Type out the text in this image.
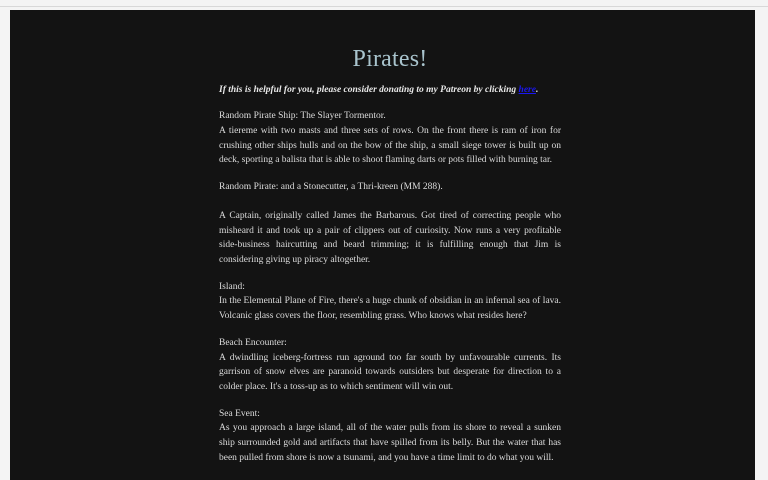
Pirates!

If this is helpful for you, please consider donating to my Patreon by clicking here.

Random Pirate Ship: The Slayer Tormentor.

A tiereme with two masts and three sets of rows. On the front there is ram of iron for crushing other ships hulls and on the bow of the ship, a small siege tower is built up on deck, sporting a balista that is able to shoot flaming darts or pots filled with burning tar.

Random Pirate: and a Stonecutter, a Thri-kreen (MM 288).

A Captain, originally called James the Barbarous. Got tired of correcting people who misheard it and took up a pair of clippers out of curiosity. Now runs a very profitable side-business haircutting and beard trimming; it is fulfilling enough that Jim is considering giving up piracy altogether.

Island:

In the Elemental Plane of Fire, there's a huge chunk of obsidian in an infernal sea of lava. Volcanic glass covers the floor, resembling grass. Who knows what resides here?

Beach Encounter:

A dwindling iceberg-fortress run aground too far south by unfavourable currents. Its garrison of snow elves are paranoid towards outsiders but desperate for direction to a colder place. It's a toss-up as to which sentiment will win out.

Sea Event:

As you approach a large island, all of the water pulls from its shore to reveal a sunken ship surrounded gold and artifacts that have spilled from its belly. But the water that has been pulled from shore is now a tsunami, and you have a time limit to do what you will.
